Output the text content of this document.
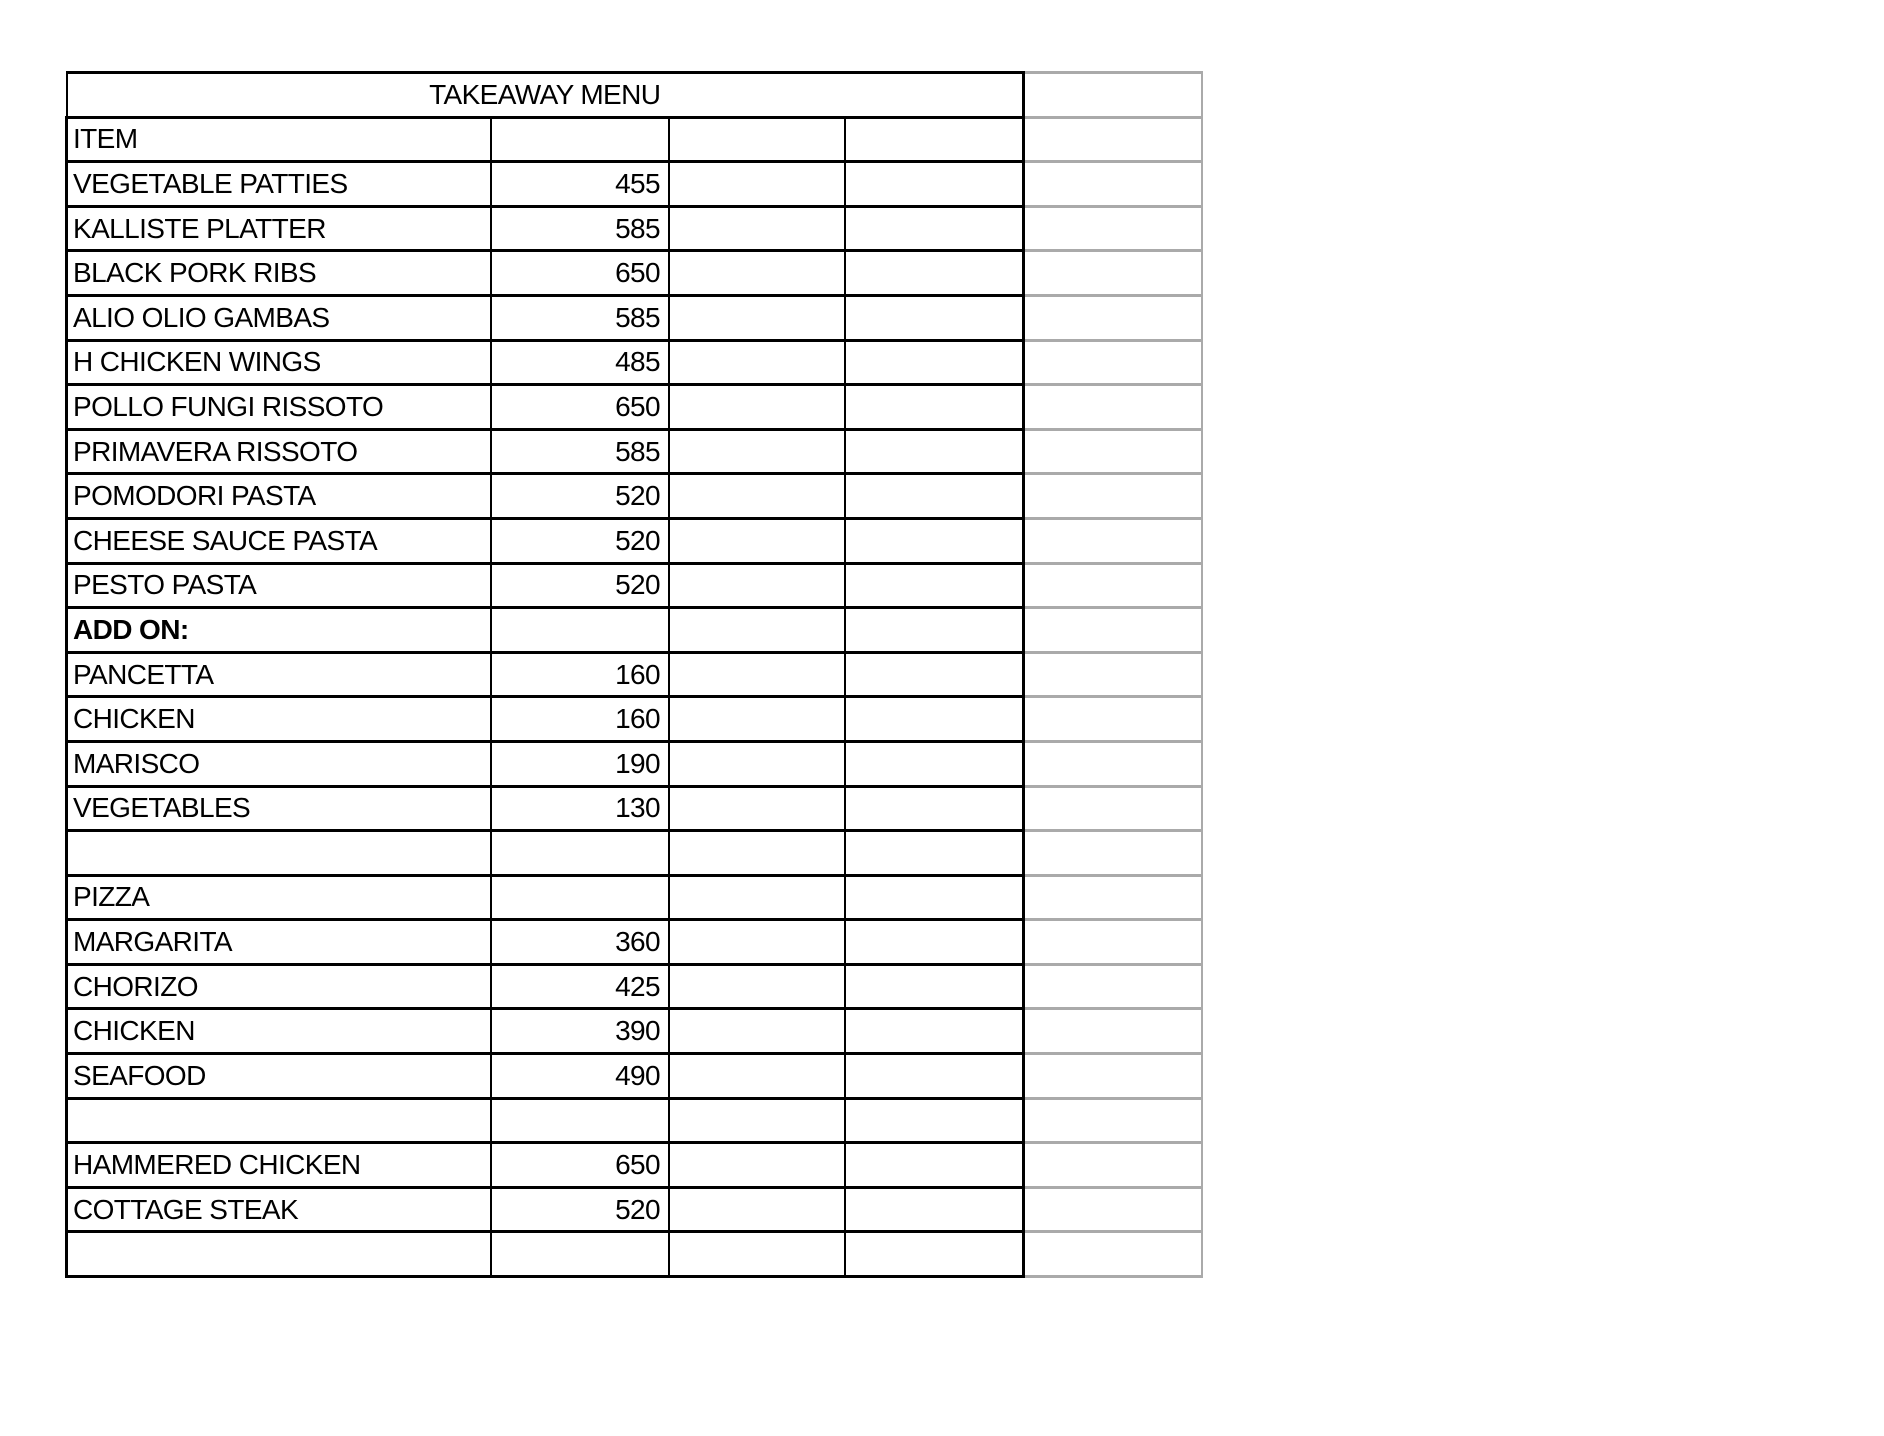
TAKEAWAY MENU				
ITEM				
VEGETABLE PATTIES	455			
KALLISTE PLATTER	585			
BLACK PORK RIBS	650			
ALIO OLIO GAMBAS	585			
H CHICKEN WINGS	485			
POLLO FUNGI RISSOTO	650			
PRIMAVERA RISSOTO	585			
POMODORI PASTA	520			
CHEESE SAUCE PASTA	520			
PESTO PASTA	520			
ADD ON:				
PANCETTA	160			
CHICKEN	160			
MARISCO	190			
VEGETABLES	130			

PIZZA				
MARGARITA	360			
CHORIZO	425			
CHICKEN	390			
SEAFOOD	490			

HAMMERED CHICKEN	650			
COTTAGE STEAK	520			
